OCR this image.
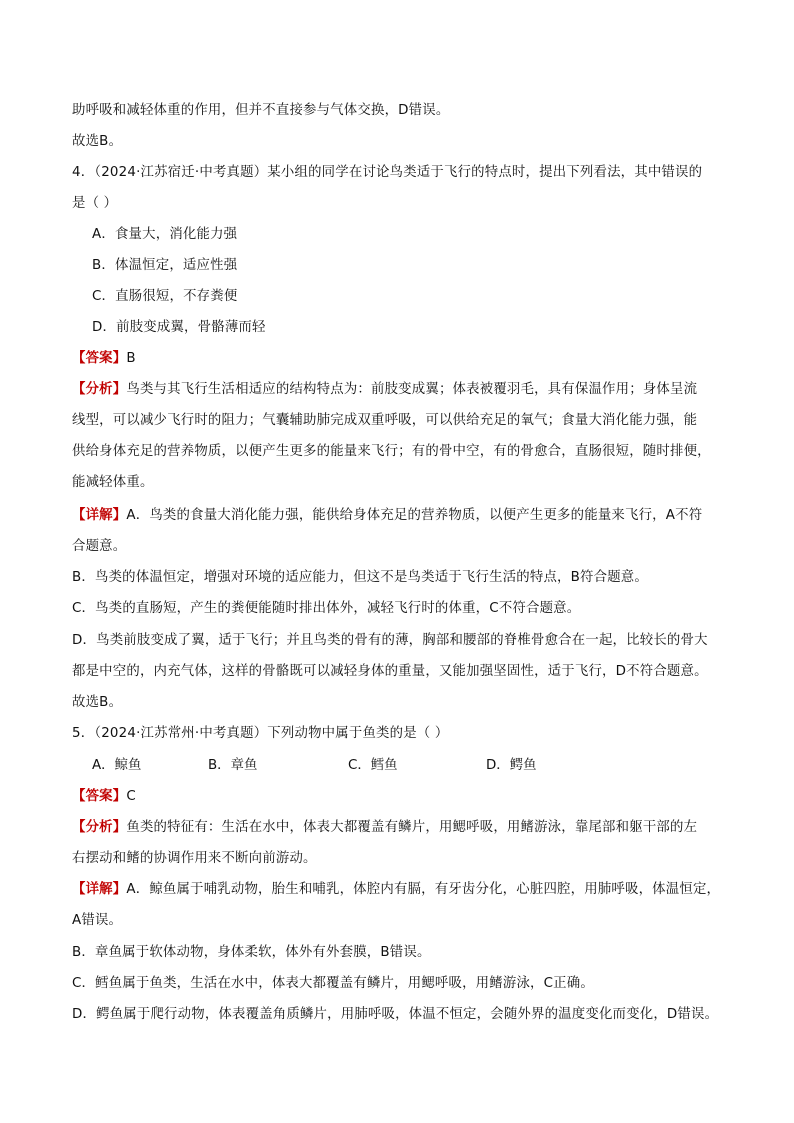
助呼吸和减轻体重的作用，但并不直接参与气体交换，D错误。
故选B。
4．（2024·江苏宿迁·中考真题）某小组的同学在讨论鸟类适于飞行的特点时，提出下列看法，其中错误的
是（ ）
A．食量大，消化能力强
B．体温恒定，适应性强
C．直肠很短，不存粪便
D．前肢变成翼，骨骼薄而轻
【答案】B
【分析】鸟类与其飞行生活相适应的结构特点为：前肢变成翼；体表被覆羽毛，具有保温作用；身体呈流
线型，可以减少飞行时的阻力；气囊辅助肺完成双重呼吸，可以供给充足的氧气；食量大消化能力强，能
供给身体充足的营养物质，以便产生更多的能量来飞行；有的骨中空，有的骨愈合，直肠很短，随时排便，
能减轻体重。
【详解】A．鸟类的食量大消化能力强，能供给身体充足的营养物质，以便产生更多的能量来飞行，A不符
合题意。
B．鸟类的体温恒定，增强对环境的适应能力，但这不是鸟类适于飞行生活的特点，B符合题意。
C．鸟类的直肠短，产生的粪便能随时排出体外，减轻飞行时的体重，C不符合题意。
D．鸟类前肢变成了翼，适于飞行；并且鸟类的骨有的薄，胸部和腰部的脊椎骨愈合在一起，比较长的骨大
都是中空的，内充气体，这样的骨骼既可以减轻身体的重量，又能加强坚固性，适于飞行，D不符合题意。
故选B。
5．（2024·江苏常州·中考真题）下列动物中属于鱼类的是（ ）
A．鲸鱼	B．章鱼	C．鳕鱼	D．鳄鱼
【答案】C
【分析】鱼类的特征有：生活在水中，体表大都覆盖有鳞片，用鳃呼吸，用鳍游泳，靠尾部和躯干部的左
右摆动和鳍的协调作用来不断向前游动。
【详解】A．鲸鱼属于哺乳动物，胎生和哺乳，体腔内有膈，有牙齿分化，心脏四腔，用肺呼吸，体温恒定，
A错误。
B．章鱼属于软体动物，身体柔软，体外有外套膜，B错误。
C．鳕鱼属于鱼类，生活在水中，体表大都覆盖有鳞片，用鳃呼吸，用鳍游泳，C正确。
D．鳄鱼属于爬行动物，体表覆盖角质鳞片，用肺呼吸，体温不恒定，会随外界的温度变化而变化，D错误。
